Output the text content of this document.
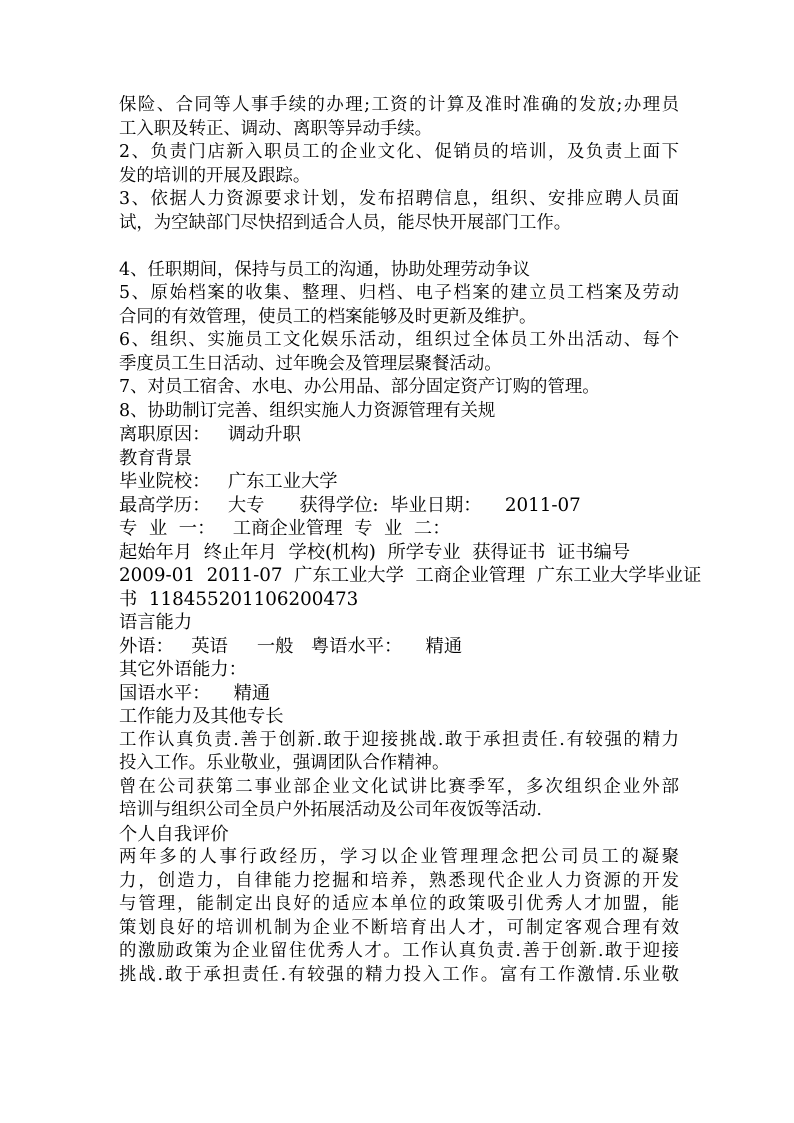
保险、合同等人事手续的办理;工资的计算及准时准确的发放;办理员
工入职及转正、调动、离职等异动手续。
2、负责门店新入职员工的企业文化、促销员的培训，及负责上面下
发的培训的开展及跟踪。
3、依据人力资源要求计划，发布招聘信息，组织、安排应聘人员面
试，为空缺部门尽快招到适合人员，能尽快开展部门工作。
4、任职期间，保持与员工的沟通，协助处理劳动争议
5、原始档案的收集、整理、归档、电子档案的建立员工档案及劳动
合同的有效管理，使员工的档案能够及时更新及维护。
6、组织、实施员工文化娱乐活动，组织过全体员工外出活动、每个
季度员工生日活动、过年晚会及管理层聚餐活动。
7、对员工宿舍、水电、办公用品、部分固定资产订购的管理。
8、协助制订完善、组织实施人力资源管理有关规
离职原因：   调动升职
教育背景
毕业院校：   广东工业大学
最高学历：   大专      获得学位:  毕业日期：    2011-07
专  业  一：   工商企业管理  专  业  二：
起始年月  终止年月  学校(机构)  所学专业  获得证书  证书编号
2009-01  2011-07  广东工业大学  工商企业管理  广东工业大学毕业证
书  118455201106200473
语言能力
外语：   英语     一般   粤语水平：    精通
其它外语能力：
国语水平：    精通
工作能力及其他专长
工作认真负责.善于创新.敢于迎接挑战.敢于承担责任.有较强的精力
投入工作。乐业敬业，强调团队合作精神。
曾在公司获第二事业部企业文化试讲比赛季军，多次组织企业外部
培训与组织公司全员户外拓展活动及公司年夜饭等活动.
个人自我评价
两年多的人事行政经历，学习以企业管理理念把公司员工的凝聚
力，创造力，自律能力挖掘和培养，熟悉现代企业人力资源的开发
与管理，能制定出良好的适应本单位的政策吸引优秀人才加盟，能
策划良好的培训机制为企业不断培育出人才，可制定客观合理有效
的激励政策为企业留住优秀人才。工作认真负责.善于创新.敢于迎接
挑战.敢于承担责任.有较强的精力投入工作。富有工作激情.乐业敬
